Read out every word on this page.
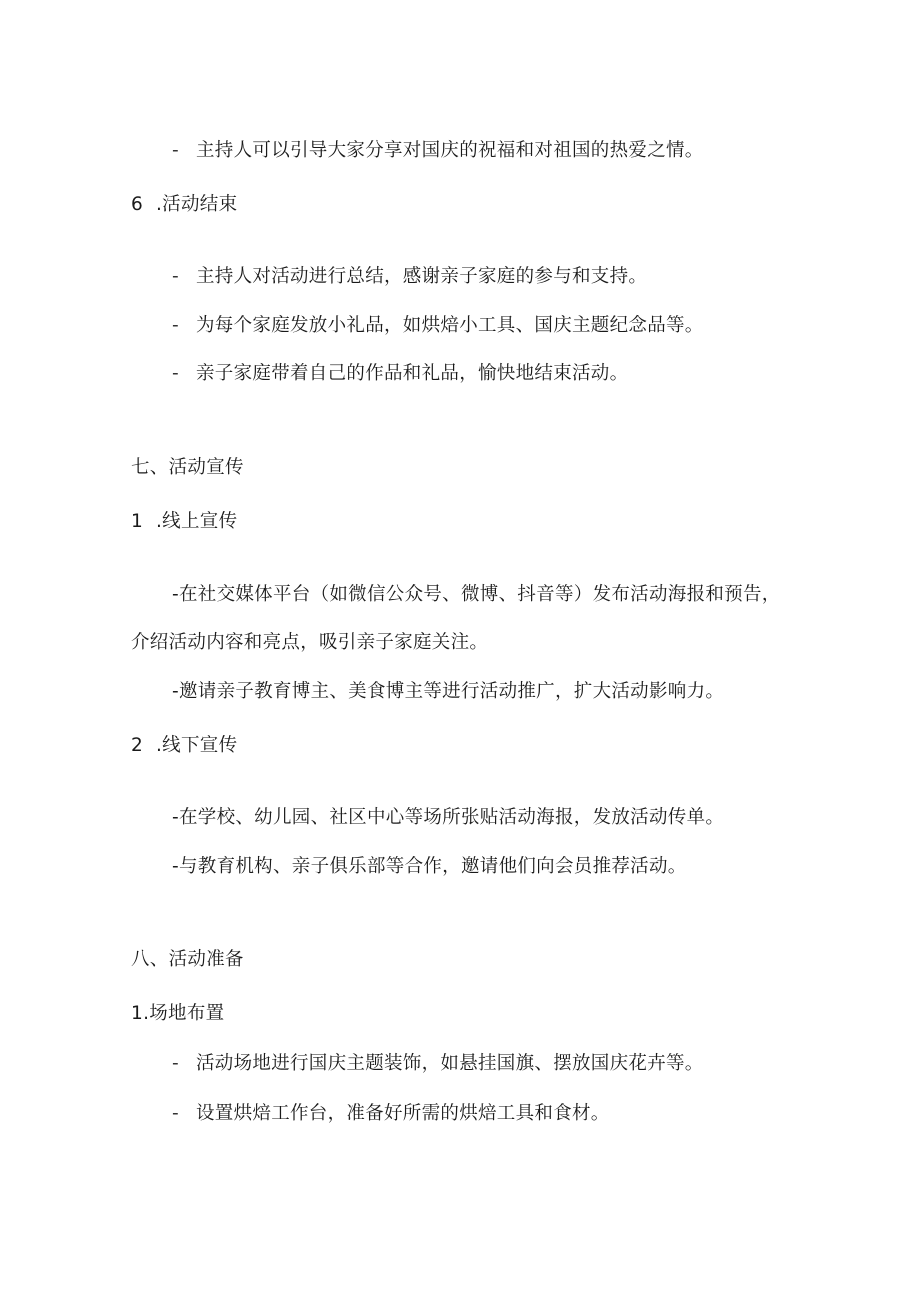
- 主持人可以引导大家分享对国庆的祝福和对祖国的热爱之情。
6 .活动结束
- 主持人对活动进行总结，感谢亲子家庭的参与和支持。
- 为每个家庭发放小礼品，如烘焙小工具、国庆主题纪念品等。
- 亲子家庭带着自己的作品和礼品，愉快地结束活动。
七、活动宣传
1 .线上宣传
-在社交媒体平台（如微信公众号、微博、抖音等）发布活动海报和预告，
介绍活动内容和亮点，吸引亲子家庭关注。
-邀请亲子教育博主、美食博主等进行活动推广，扩大活动影响力。
2 .线下宣传
-在学校、幼儿园、社区中心等场所张贴活动海报，发放活动传单。
-与教育机构、亲子俱乐部等合作，邀请他们向会员推荐活动。
八、活动准备
1.场地布置
- 活动场地进行国庆主题装饰，如悬挂国旗、摆放国庆花卉等。
- 设置烘焙工作台，准备好所需的烘焙工具和食材。
